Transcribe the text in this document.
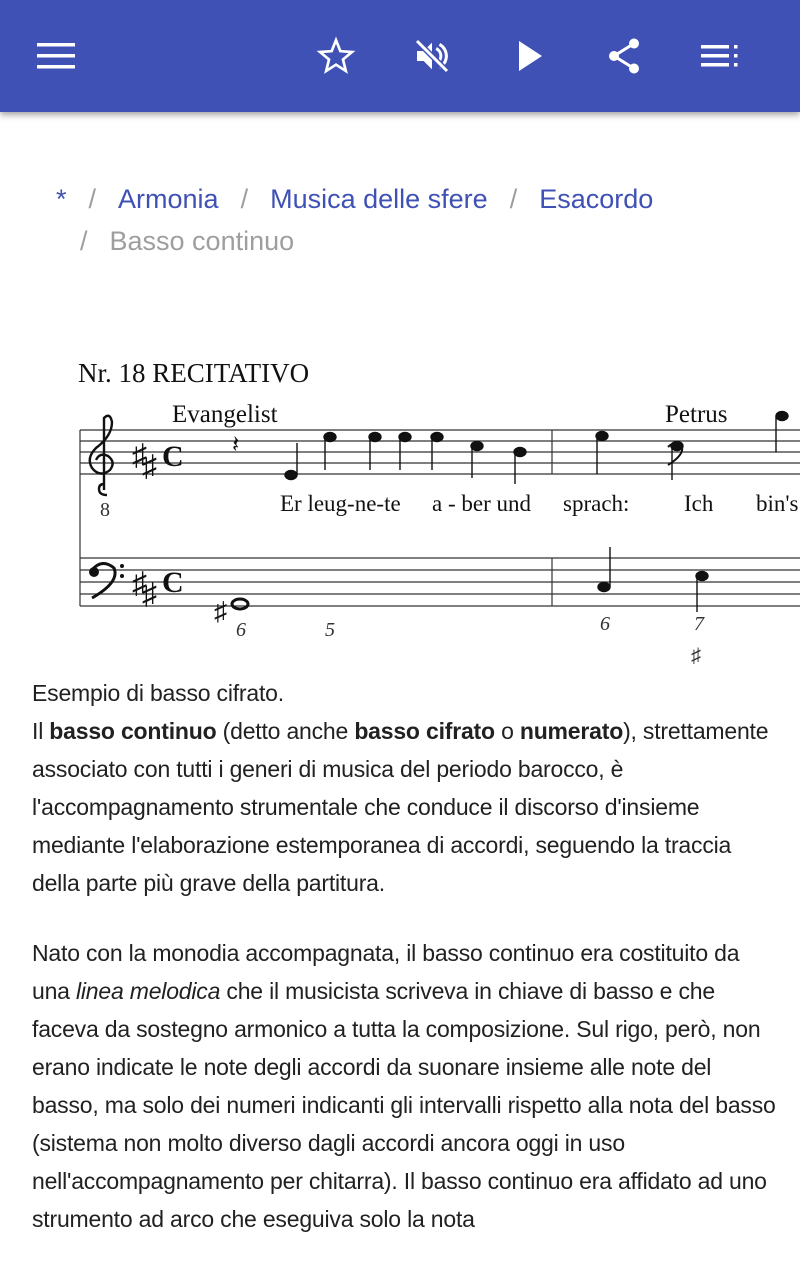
* / Armonia / Musica delle sfere / Esacordo
/ Basso continuo
Nr. 18 RECITATIVO
Evangelist	Petrus
8
♯
♯ C
♯
♯ C
𝄽
Er leug-ne-te a - ber und sprach: Ich bin's
♯
6	5	6	7
♯
Esempio di basso cifrato.

Il basso continuo (detto anche basso cifrato o numerato), strettamente associato con tutti i generi di musica del periodo barocco, è l'accompagnamento strumentale che conduce il discorso d'insieme mediante l'elaborazione estemporanea di accordi, seguendo la traccia della parte più grave della partitura.

Nato con la monodia accompagnata, il basso continuo era costituito da una linea melodica che il musicista scriveva in chiave di basso e che faceva da sostegno armonico a tutta la composizione. Sul rigo, però, non erano indicate le note degli accordi da suonare insieme alle note del basso, ma solo dei numeri indicanti gli intervalli rispetto alla nota del basso (sistema non molto diverso dagli accordi ancora oggi in uso nell'accompagnamento per chitarra). Il basso continuo era affidato ad uno strumento ad arco che eseguiva solo la nota
